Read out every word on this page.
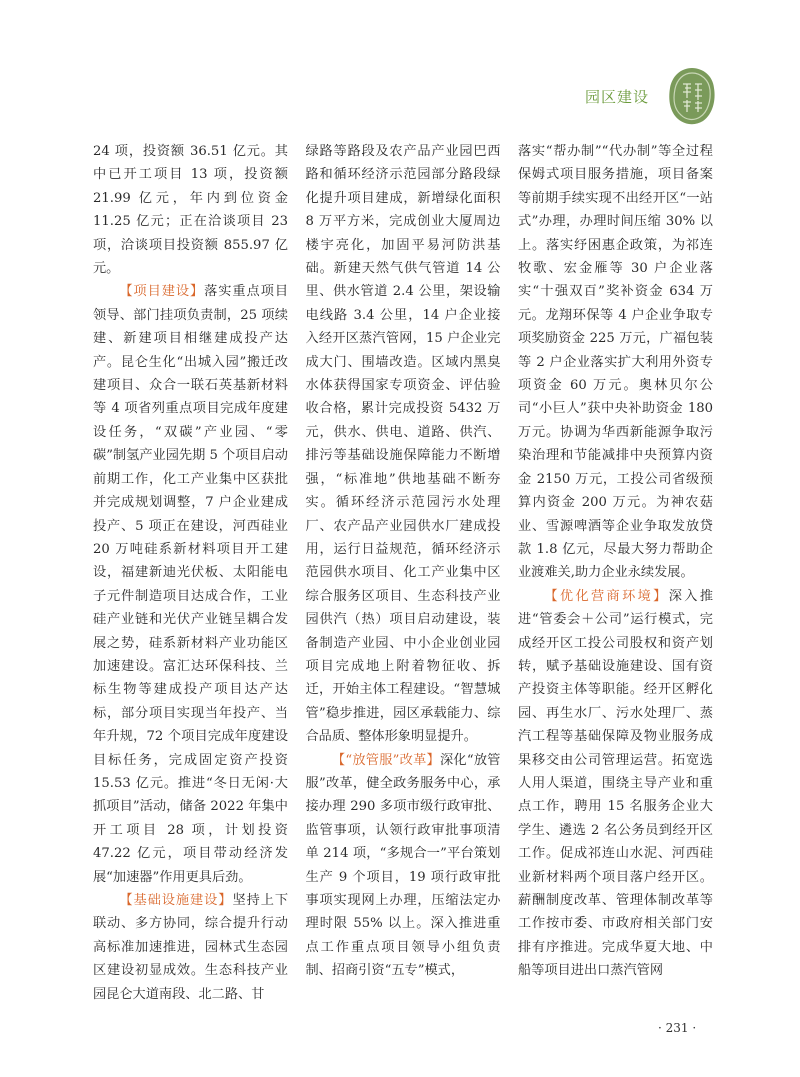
园区建设

24 项，投资额 36.51 亿元。其中已开工项目 13 项，投资额 21.99 亿元，年内到位资金 11.25 亿元；正在洽谈项目 23 项，洽谈项目投资额 855.97 亿元。

【项目建设】落实重点项目领导、部门挂项负责制，25 项续建、新建项目相继建成投产达产。昆仑生化“出城入园”搬迁改建项目、众合一联石英基新材料等 4 项省列重点项目完成年度建设任务，“双碳”产业园、“零碳”制氢产业园先期 5 个项目启动前期工作，化工产业集中区获批并完成规划调整，7 户企业建成投产、5 项正在建设，河西硅业 20 万吨硅系新材料项目开工建设，福建新迪光伏板、太阳能电子元件制造项目达成合作，工业硅产业链和光伏产业链呈耦合发展之势，硅系新材料产业功能区加速建设。富汇达环保科技、兰标生物等建成投产项目达产达标，部分项目实现当年投产、当年升规，72 个项目完成年度建设目标任务，完成固定资产投资 15.53 亿元。推进“冬日无闲·大抓项目”活动，储备 2022 年集中开工项目 28 项，计划投资 47.22 亿元，项目带动经济发展“加速器”作用更具后劲。

【基础设施建设】坚持上下联动、多方协同，综合提升行动高标准加速推进，园林式生态园区建设初显成效。生态科技产业园昆仑大道南段、北二路、甘

绿路等路段及农产品产业园巴西路和循环经济示范园部分路段绿化提升项目建成，新增绿化面积 8 万平方米，完成创业大厦周边楼宇亮化，加固平易河防洪基础。新建天然气供气管道 14 公里、供水管道 2.4 公里，架设输电线路 3.4 公里，14 户企业接入经开区蒸汽管网，15 户企业完成大门、围墙改造。区域内黑臭水体获得国家专项资金、评估验收合格，累计完成投资 5432 万元，供水、供电、道路、供汽、排污等基础设施保障能力不断增强，“标准地”供地基础不断夯实。循环经济示范园污水处理厂、农产品产业园供水厂建成投用，运行日益规范，循环经济示范园供水项目、化工产业集中区综合服务区项目、生态科技产业园供汽（热）项目启动建设，装备制造产业园、中小企业创业园项目完成地上附着物征收、拆迁，开始主体工程建设。“智慧城管”稳步推进，园区承载能力、综合品质、整体形象明显提升。

【“放管服”改革】深化“放管服”改革，健全政务服务中心，承接办理 290 多项市级行政审批、监管事项，认领行政审批事项清单 214 项，“多规合一”平台策划生产 9 个项目，19 项行政审批事项实现网上办理，压缩法定办理时限 55% 以上。深入推进重点工作重点项目领导小组负责制、招商引资“五专”模式，

落实“帮办制”“代办制”等全过程保姆式项目服务措施，项目备案等前期手续实现不出经开区“一站式”办理，办理时间压缩 30% 以上。落实纾困惠企政策，为祁连牧歌、宏金雁等 30 户企业落实“十强双百”奖补资金 634 万元。龙翔环保等 4 户企业争取专项奖励资金 225 万元，广福包装等 2 户企业落实扩大利用外资专项资金 60 万元。奥林贝尔公司“小巨人”获中央补助资金 180 万元。协调为华西新能源争取污染治理和节能减排中央预算内资金 2150 万元，工投公司省级预算内资金 200 万元。为神农菇业、雪源啤酒等企业争取发放贷款 1.8 亿元，尽最大努力帮助企业渡难关,助力企业永续发展。

【优化营商环境】深入推进“管委会＋公司”运行模式，完成经开区工投公司股权和资产划转，赋予基础设施建设、国有资产投资主体等职能。经开区孵化园、再生水厂、污水处理厂、蒸汽工程等基础保障及物业服务成果移交由公司管理运营。拓宽选人用人渠道，围绕主导产业和重点工作，聘用 15 名服务企业大学生、遴选 2 名公务员到经开区工作。促成祁连山水泥、河西硅业新材料两个项目落户经开区。薪酬制度改革、管理体制改革等工作按市委、市政府相关部门安排有序推进。完成华夏大地、中船等项目进出口蒸汽管网

· 231 ·
